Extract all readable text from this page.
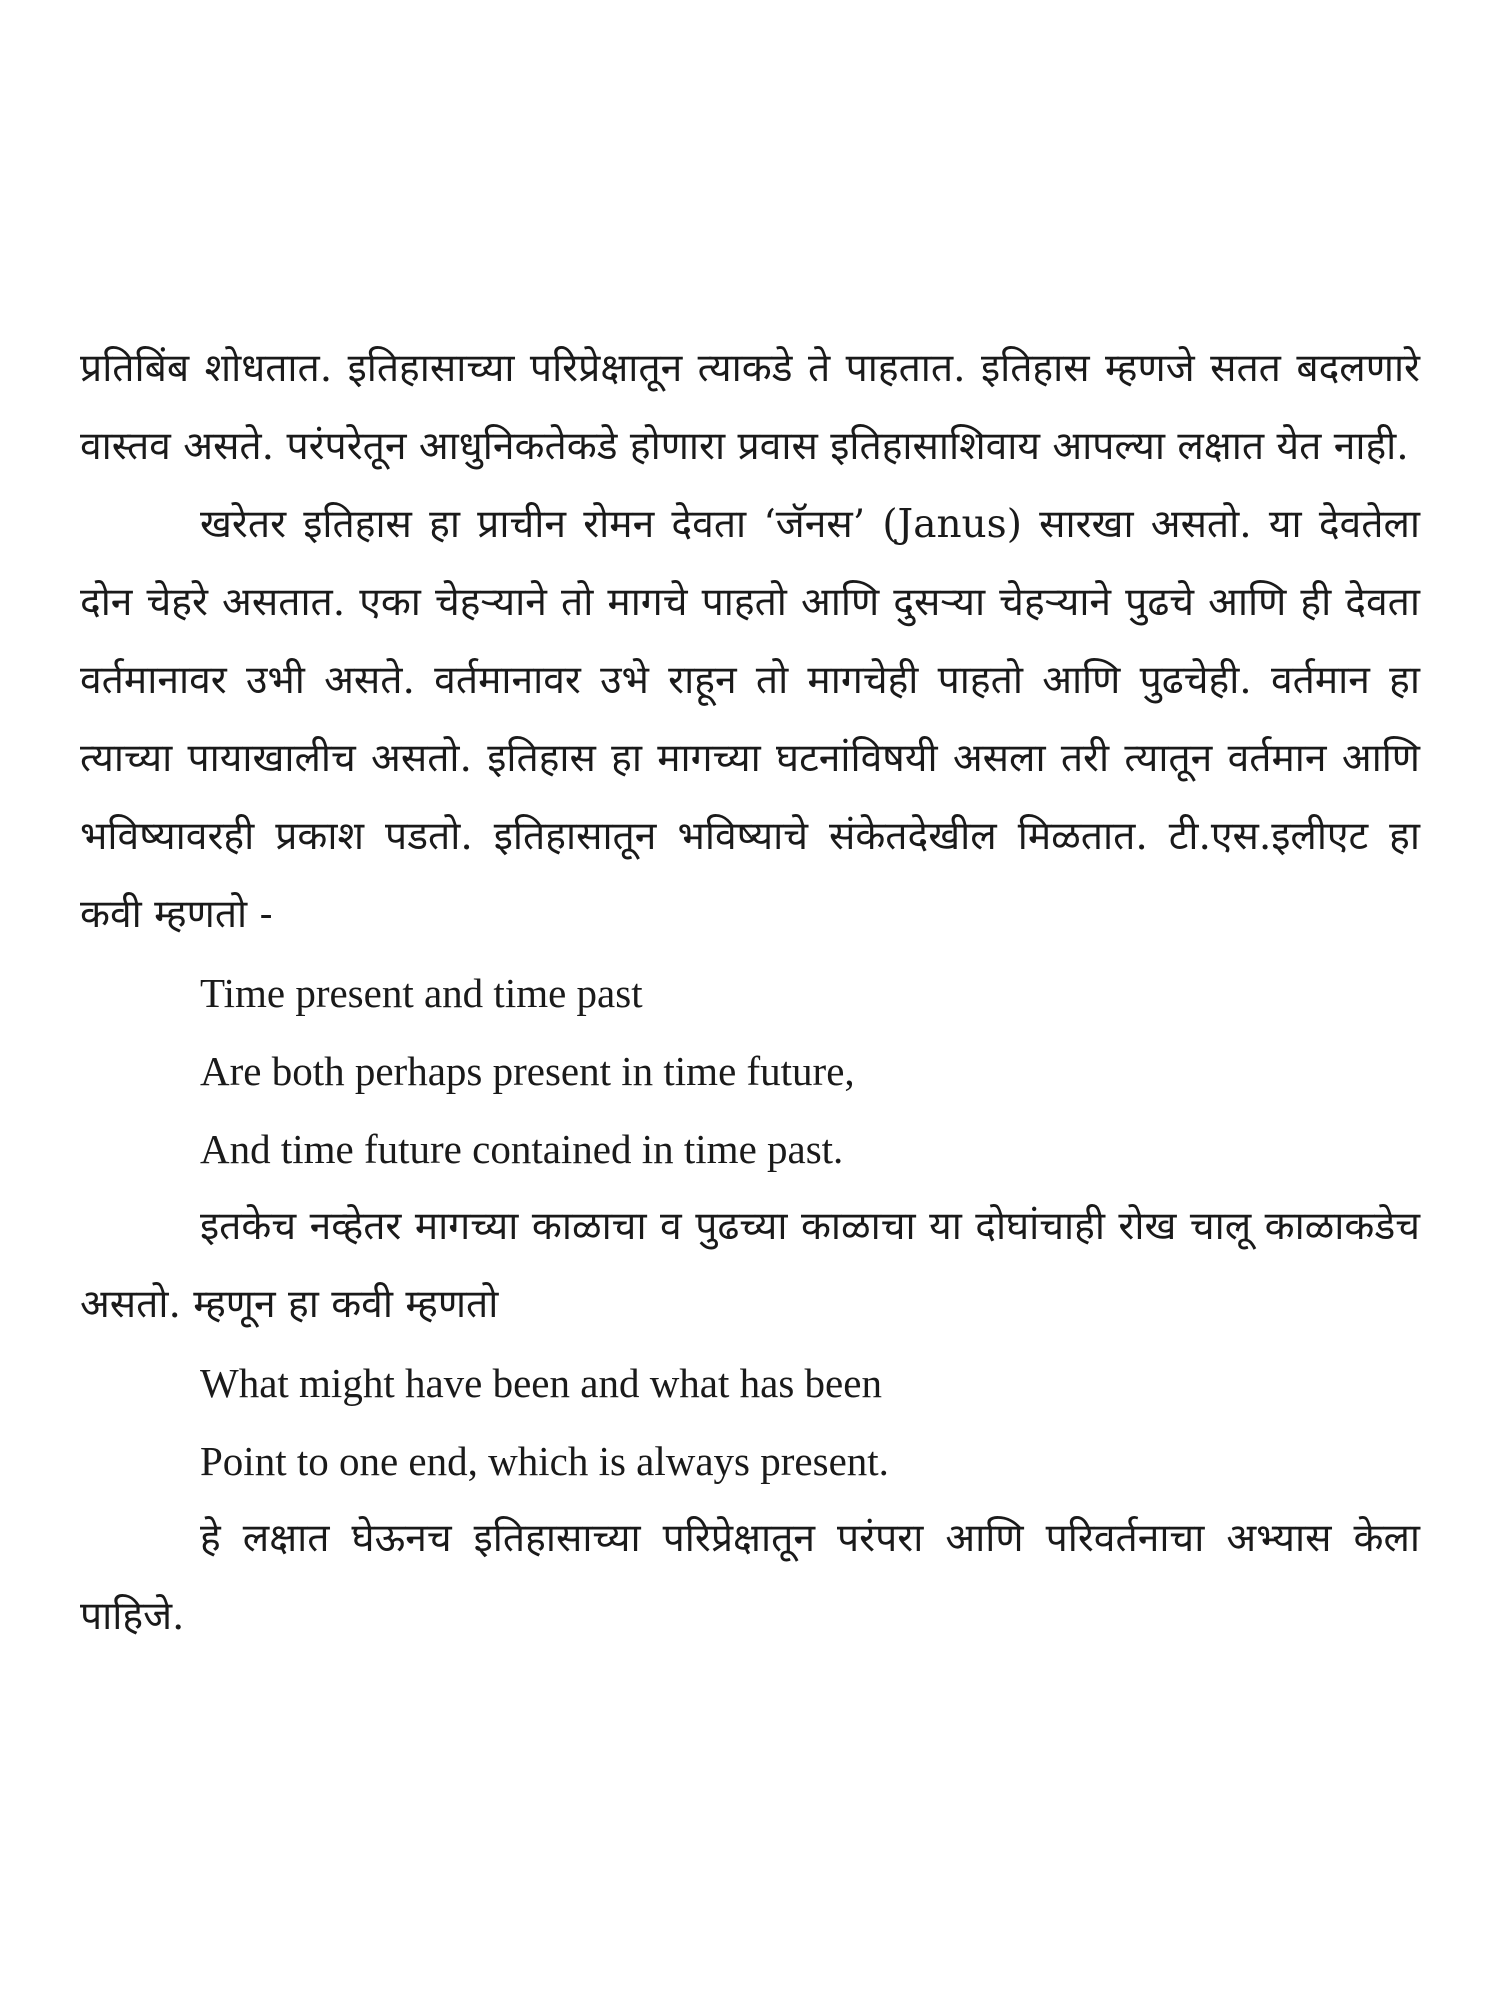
प्रतिबिंब शोधतात. इतिहासाच्या परिप्रेक्षातून त्याकडे ते पाहतात. इतिहास म्हणजे सतत बदलणारे वास्तव असते. परंपरेतून आधुनिकतेकडे होणारा प्रवास इतिहासाशिवाय आपल्या लक्षात येत नाही.

खरेतर इतिहास हा प्राचीन रोमन देवता ‘जॅनस’ (Janus) सारखा असतो. या देवतेला दोन चेहरे असतात. एका चेहऱ्याने तो मागचे पाहतो आणि दुसऱ्या चेहऱ्याने पुढचे आणि ही देवता वर्तमानावर उभी असते. वर्तमानावर उभे राहून तो मागचेही पाहतो आणि पुढचेही. वर्तमान हा त्याच्या पायाखालीच असतो. इतिहास हा मागच्या घटनांविषयी असला तरी त्यातून वर्तमान आणि भविष्यावरही प्रकाश पडतो. इतिहासातून भविष्याचे संकेतदेखील मिळतात. टी.एस.इलीएट हा कवी म्हणतो -

Time present and time past
Are both perhaps present in time future,
And time future contained in time past.

इतकेच नव्हेतर मागच्या काळाचा व पुढच्या काळाचा या दोघांचाही रोख चालू काळाकडेच असतो. म्हणून हा कवी म्हणतो

What might have been and what has been
Point to one end, which is always present.

हे लक्षात घेऊनच इतिहासाच्या परिप्रेक्षातून परंपरा आणि परिवर्तनाचा अभ्यास केला पाहिजे.
